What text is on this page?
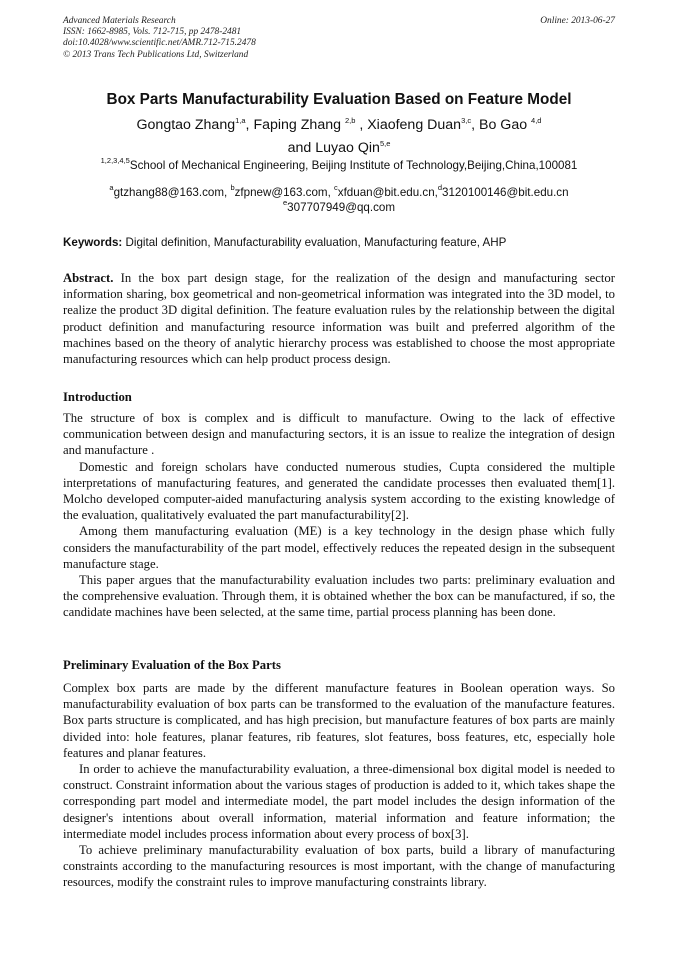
Advanced Materials Research
ISSN: 1662-8985, Vols. 712-715, pp 2478-2481
doi:10.4028/www.scientific.net/AMR.712-715.2478
© 2013 Trans Tech Publications Ltd, Switzerland
Online: 2013-06-27
Box Parts Manufacturability Evaluation Based on Feature Model
Gongtao Zhang$^{1,a}$, Faping Zhang $^{2,b}$ , Xiaofeng Duan$^{3,c}$, Bo Gao $^{4,d}$
and Luyao Qin$^{5,e}$
$^{1,2,3,4,5}$School of Mechanical Engineering, Beijing Institute of Technology,Beijing,China,100081
$^a$gtzhang88@163.com, $^b$zfpnew@163.com, $^c$xfduan@bit.edu.cn,$^d$3120100146@bit.edu.cn
$^e$307707949@qq.com
Keywords: Digital definition, Manufacturability evaluation, Manufacturing feature, AHP

Abstract. In the box part design stage, for the realization of the design and manufacturing sector information sharing, box geometrical and non-geometrical information was integrated into the 3D model, to realize the product 3D digital definition. The feature evaluation rules by the relationship between the digital product definition and manufacturing resource information was built and preferred algorithm of the machines based on the theory of analytic hierarchy process was established to choose the most appropriate manufacturing resources which can help product process design.

Introduction

The structure of box is complex and is difficult to manufacture. Owing to the lack of effective communication between design and manufacturing sectors, it is an issue to realize the integration of design and manufacture .

Domestic and foreign scholars have conducted numerous studies, Cupta considered the multiple interpretations of manufacturing features, and generated the candidate processes then evaluated them[1]. Molcho developed computer-aided manufacturing analysis system according to the existing knowledge of the evaluation, qualitatively evaluated the part manufacturability[2].

Among them manufacturing evaluation (ME) is a key technology in the design phase which fully considers the manufacturability of the part model, effectively reduces the repeated design in the subsequent manufacture stage.

This paper argues that the manufacturability evaluation includes two parts: preliminary evaluation and the comprehensive evaluation. Through them, it is obtained whether the box can be manufactured, if so, the candidate machines have been selected, at the same time, partial process planning has been done.

Preliminary Evaluation of the Box Parts

Complex box parts are made by the different manufacture features in Boolean operation ways. So manufacturability evaluation of box parts can be transformed to the evaluation of the manufacture features. Box parts structure is complicated, and has high precision, but manufacture features of box parts are mainly divided into: hole features, planar features, rib features, slot features, boss features, etc, especially hole features and planar features.

In order to achieve the manufacturability evaluation, a three-dimensional box digital model is needed to construct. Constraint information about the various stages of production is added to it, which takes shape the corresponding part model and intermediate model, the part model includes the design information of the designer's intentions about overall information, material information and feature information; the intermediate model includes process information about every process of box[3].

To achieve preliminary manufacturability evaluation of box parts, build a library of manufacturing constraints according to the manufacturing resources is most important, with the change of manufacturing resources, modify the constraint rules to improve manufacturing constraints library.
